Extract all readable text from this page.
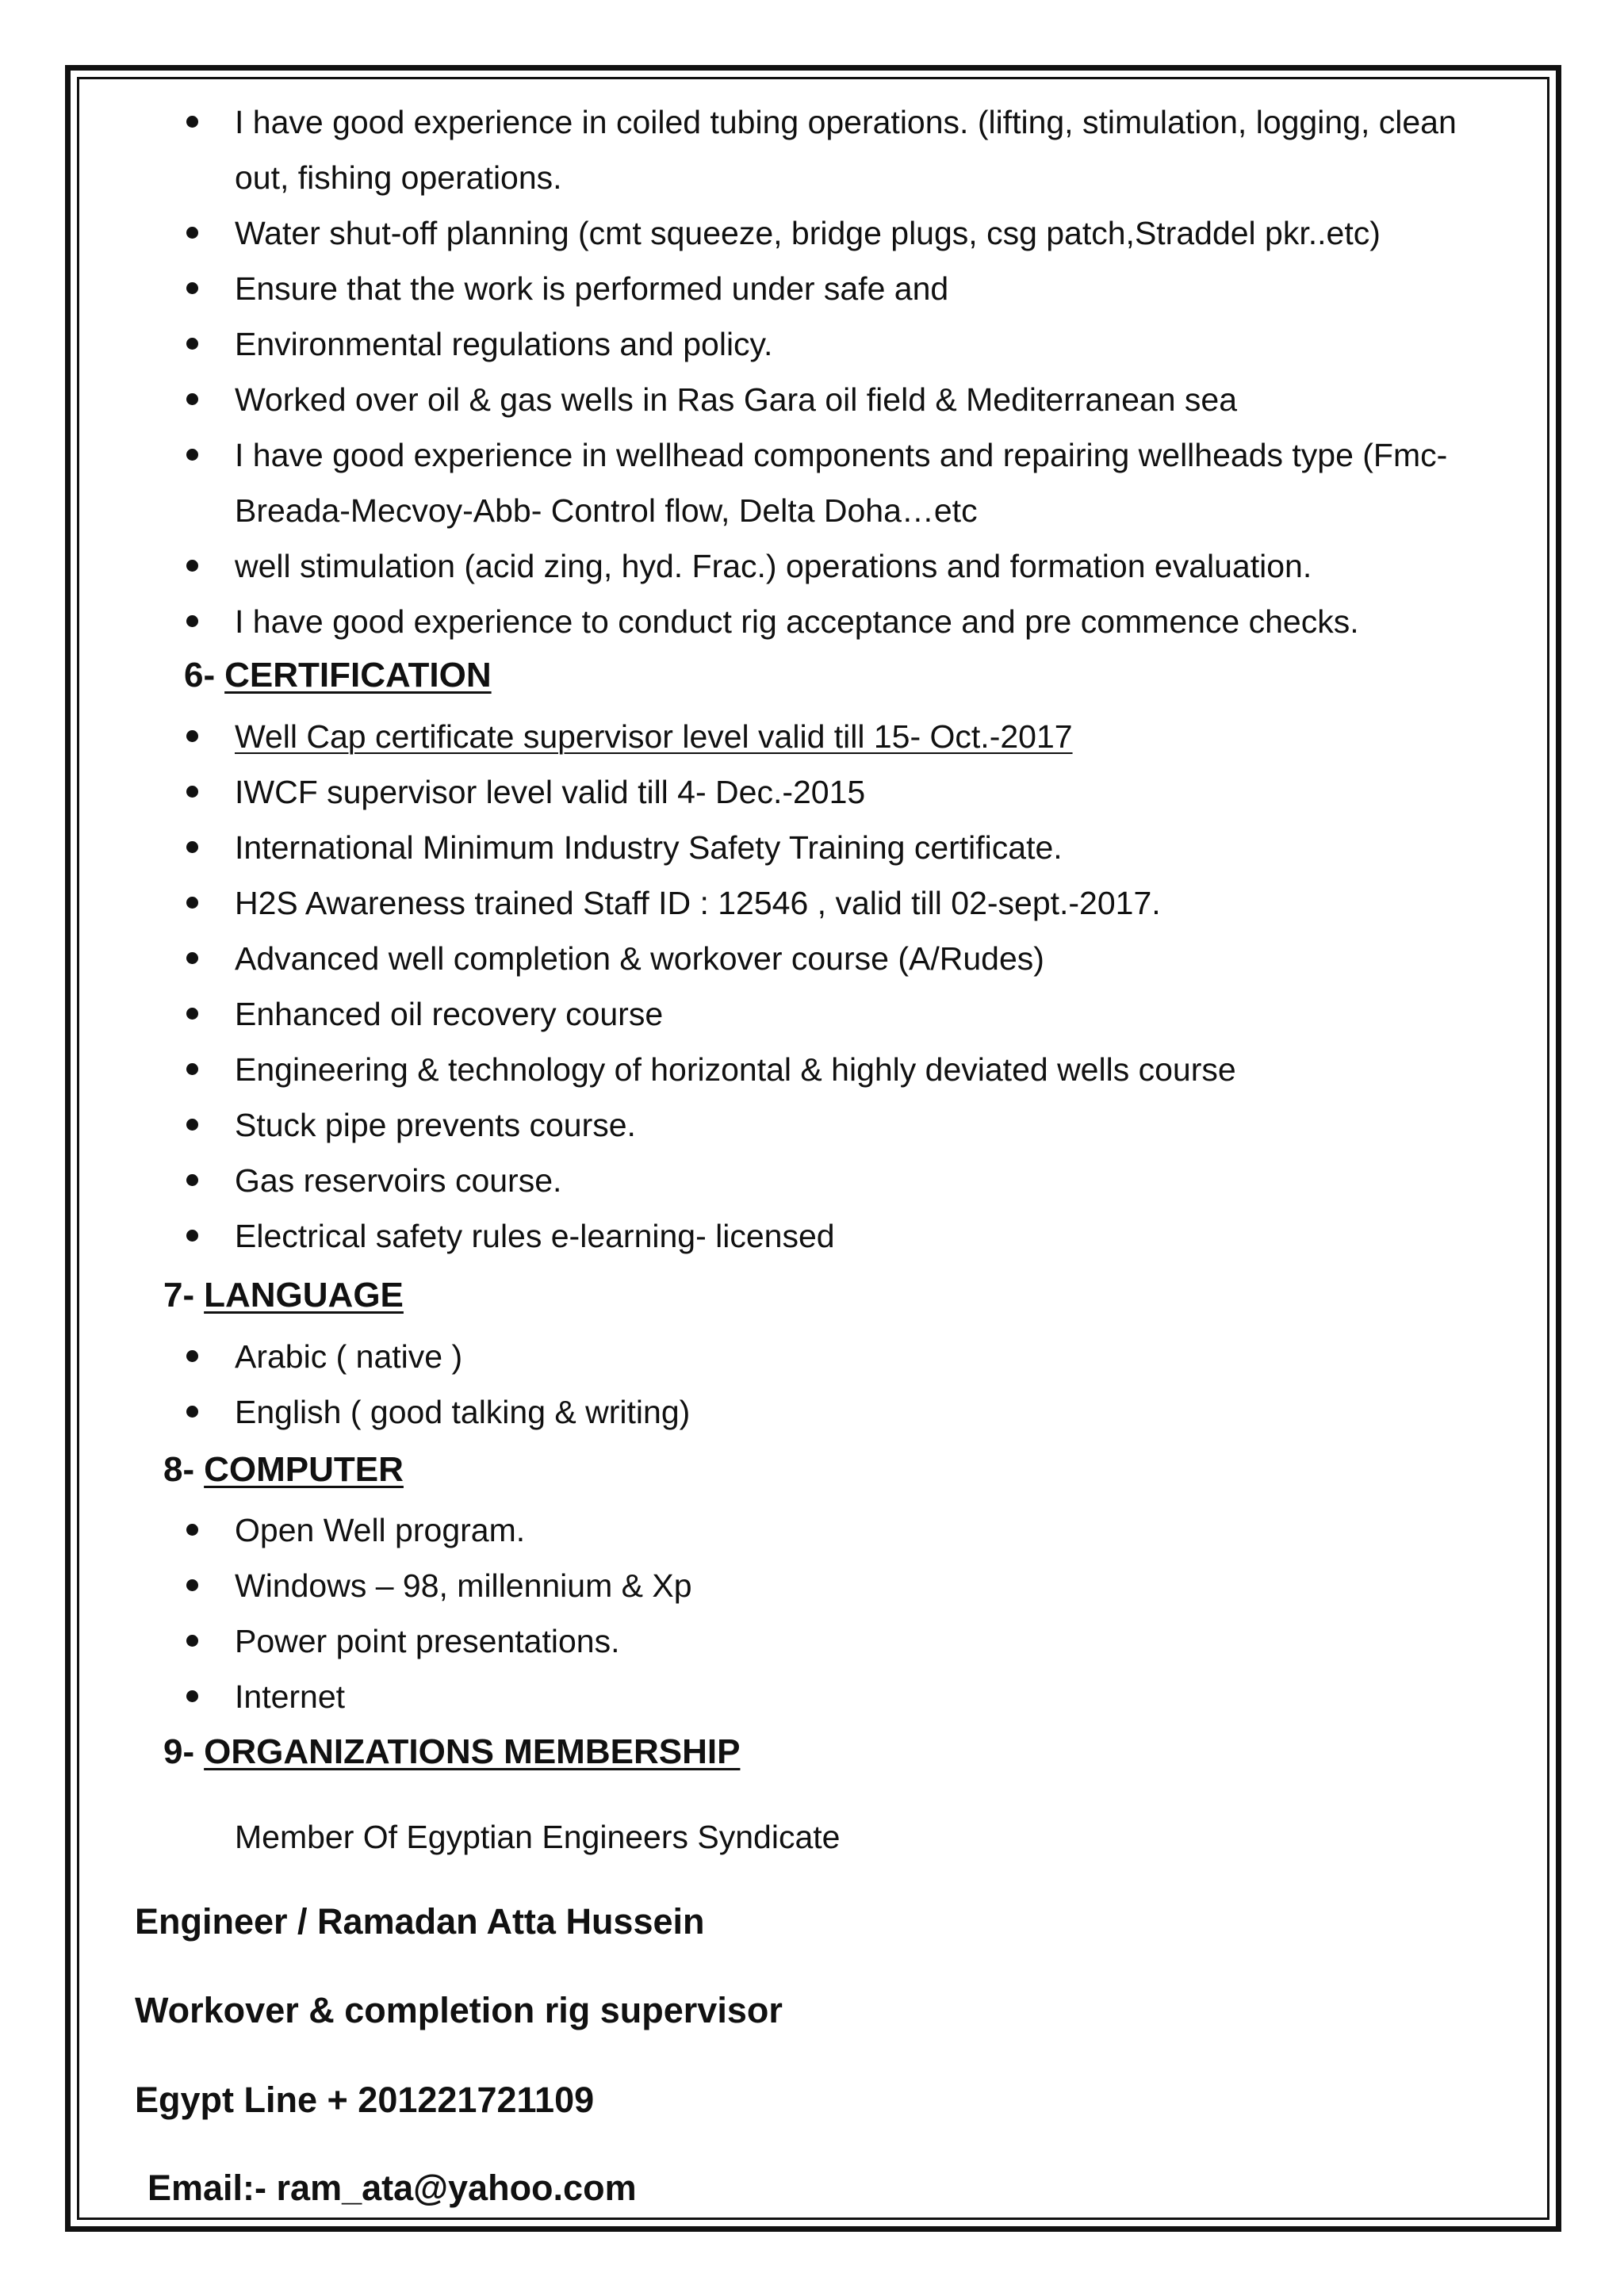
I have good experience in coiled tubing operations. (lifting, stimulation, logging, clean out, fishing operations.
Water shut-off planning (cmt squeeze, bridge plugs, csg patch,Straddel pkr..etc)
Ensure that the work is performed under safe and
Environmental regulations and policy.
Worked over oil & gas wells in Ras Gara oil field & Mediterranean sea
I have good experience in wellhead components and repairing wellheads type (Fmc-Breada-Mecvoy-Abb- Control flow, Delta Doha…etc
well stimulation (acid zing, hyd. Frac.) operations and formation evaluation.
I have good experience to conduct rig acceptance and pre commence checks.
6- CERTIFICATION
Well Cap certificate supervisor level valid till 15- Oct.-2017
IWCF supervisor level valid till 4- Dec.-2015
International Minimum Industry Safety Training certificate.
H2S Awareness trained Staff ID : 12546 , valid till 02-sept.-2017.
Advanced well completion & workover course (A/Rudes)
Enhanced oil recovery course
Engineering & technology of horizontal & highly deviated wells course
Stuck pipe prevents course.
Gas reservoirs course.
Electrical safety rules e-learning- licensed
7- LANGUAGE
Arabic ( native )
English ( good talking & writing)
8- COMPUTER
Open Well program.
Windows – 98, millennium & Xp
Power point presentations.
Internet
9- ORGANIZATIONS MEMBERSHIP
Member Of Egyptian Engineers Syndicate
Engineer / Ramadan Atta Hussein
Workover & completion rig supervisor
Egypt Line + 201221721109
Email:- ram_ata@yahoo.com
